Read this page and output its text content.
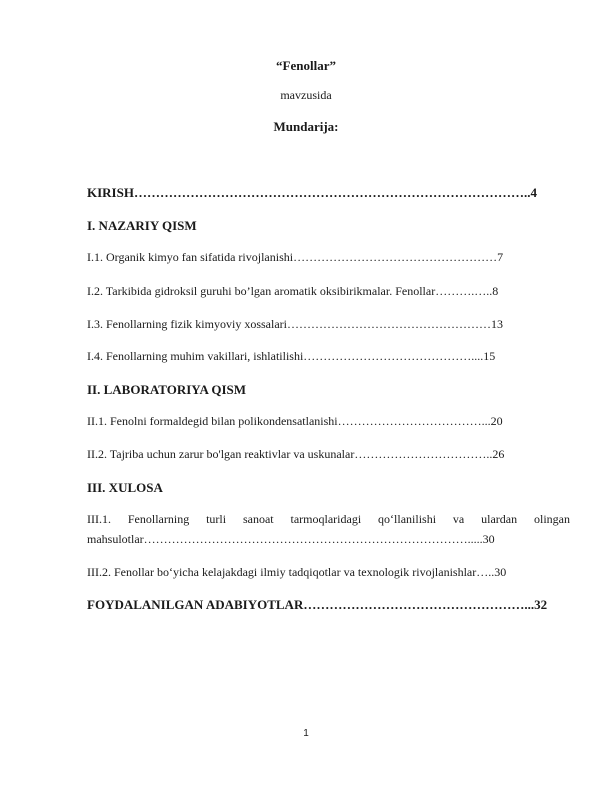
“Fenollar”
mavzusida
Mundarija:
KIRISH………………………………………………………………………………..4
I. NAZARIY QISM
I.1. Organik kimyo fan sifatida rivojlanishi……………………………………………7
I.2. Tarkibida gidroksil guruhi bo’lgan aromatik oksibirikmalar. Fenollar……….…..8
I.3. Fenollarning fizik kimyoviy xossalari……………………………………………13
I.4. Fenollarning muhim vakillari, ishlatilishi……………………………………....15
II. LABORATORIYA QISM
II.1. Fenolni formaldegid bilan polikondensatlanishi………………………………...20
II.2. Tajriba uchun zarur bo'lgan reaktivlar va uskunalar……………………………..26
III. XULOSA
III.1. Fenollarning turli sanoat tarmoqlaridagi qo‘llanilishi va ulardan olingan
mahsulotlar……………………………………………………………………….....30
III.2. Fenollar bo‘yicha kelajakdagi ilmiy tadqiqotlar va texnologik rivojlanishlar…..30
FOYDALANILGAN ADABIYOTLAR……………………………………………...32
1
